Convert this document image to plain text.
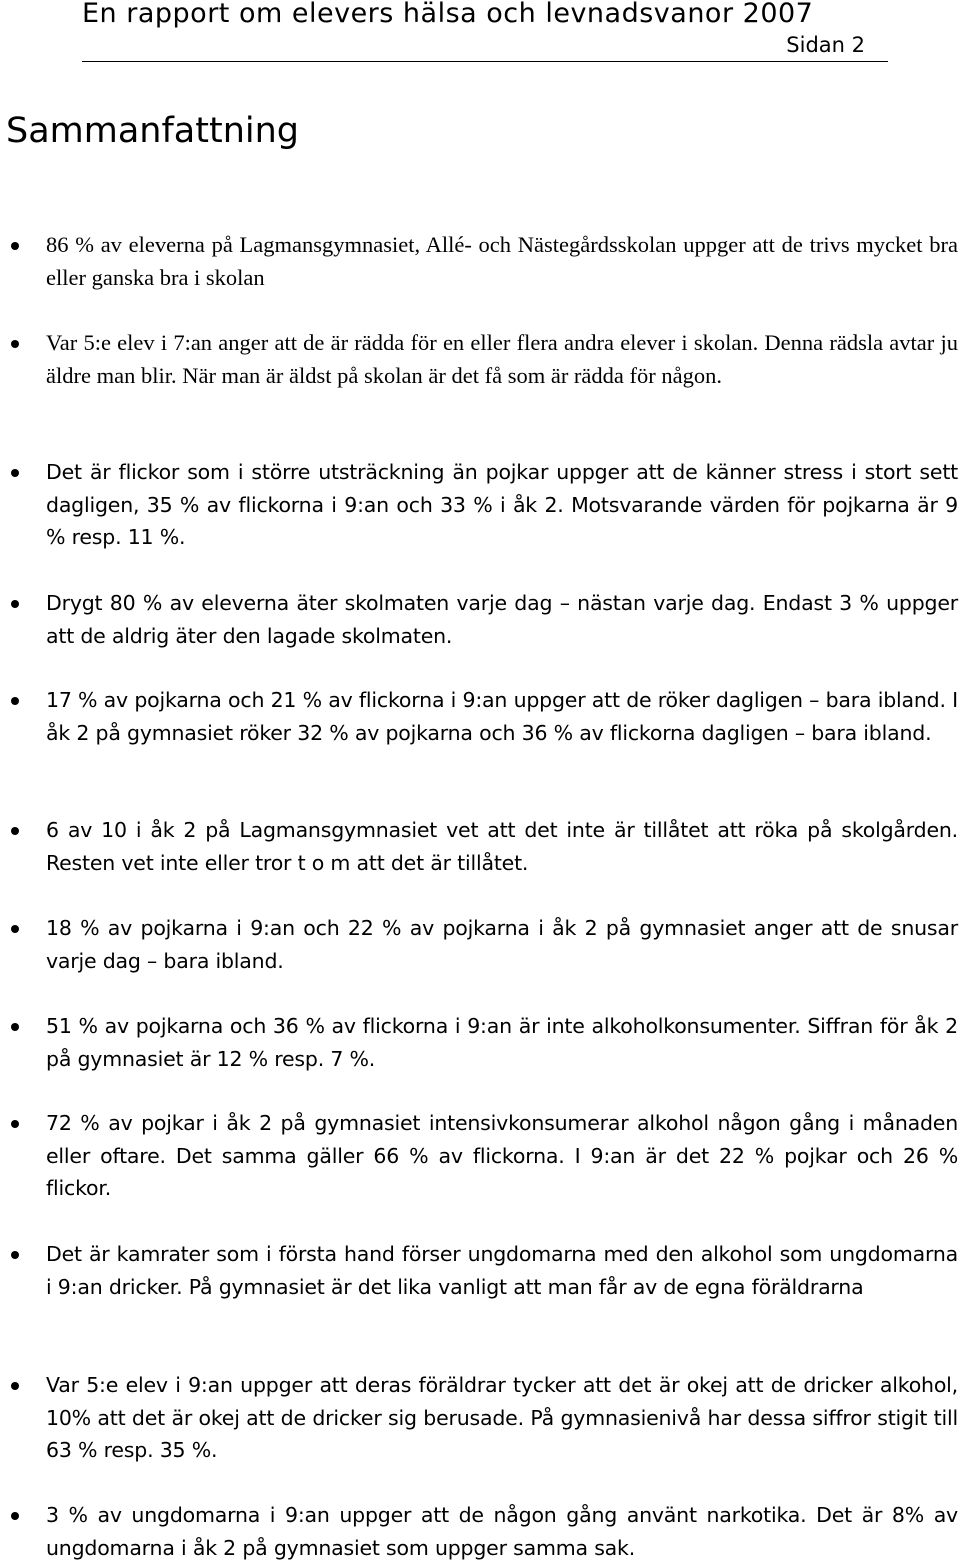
En rapport om elevers hälsa och levnadsvanor 2007
Sidan 2
Sammanfattning
86 % av eleverna på Lagmansgymnasiet, Allé- och Nästegårdsskolan uppger att de trivs mycket bra eller ganska bra i skolan
Var 5:e elev i 7:an anger att de är rädda för en eller flera andra elever i skolan. Denna rädsla avtar ju äldre man blir. När man är äldst på skolan är det få som är rädda för någon.
Det är flickor som i större utsträckning än pojkar uppger att de känner stress i stort sett dagligen, 35 % av flickorna i 9:an och 33 % i åk 2. Motsvarande värden för pojkarna är 9 % resp. 11 %.
Drygt 80 % av eleverna äter skolmaten varje dag – nästan varje dag. Endast 3 % uppger att de aldrig äter den lagade skolmaten.
17 % av pojkarna och 21 % av flickorna i 9:an uppger att de röker dagligen – bara ibland. I åk 2 på gymnasiet röker 32 % av pojkarna och 36 % av flickorna dagligen – bara ibland.
6 av 10 i åk 2 på Lagmansgymnasiet vet att det inte är tillåtet att röka på skolgården. Resten vet inte eller tror t o m att det är tillåtet.
18 % av pojkarna i 9:an och 22 % av pojkarna i åk 2 på gymnasiet anger att de snusar varje dag – bara ibland.
51 % av pojkarna och 36 % av flickorna i 9:an är inte alkoholkonsumenter. Siffran för åk 2 på gymnasiet är 12 % resp. 7 %.
72 % av pojkar i åk 2 på gymnasiet intensivkonsumerar alkohol någon gång i månaden eller oftare. Det samma gäller 66 % av flickorna. I 9:an är det 22 % pojkar och 26 % flickor.
Det är kamrater som i första hand förser ungdomarna med den alkohol som ungdomarna i 9:an dricker. På gymnasiet är det lika vanligt att man får av de egna föräldrarna
Var 5:e elev i 9:an uppger att deras föräldrar tycker att det är okej att de dricker alkohol, 10% att det är okej att de dricker sig berusade. På gymnasienivå har dessa siffror stigit till 63 % resp. 35 %.
3 % av ungdomarna i 9:an uppger att de någon gång använt narkotika. Det är 8% av ungdomarna i åk 2 på gymnasiet som uppger samma sak.
